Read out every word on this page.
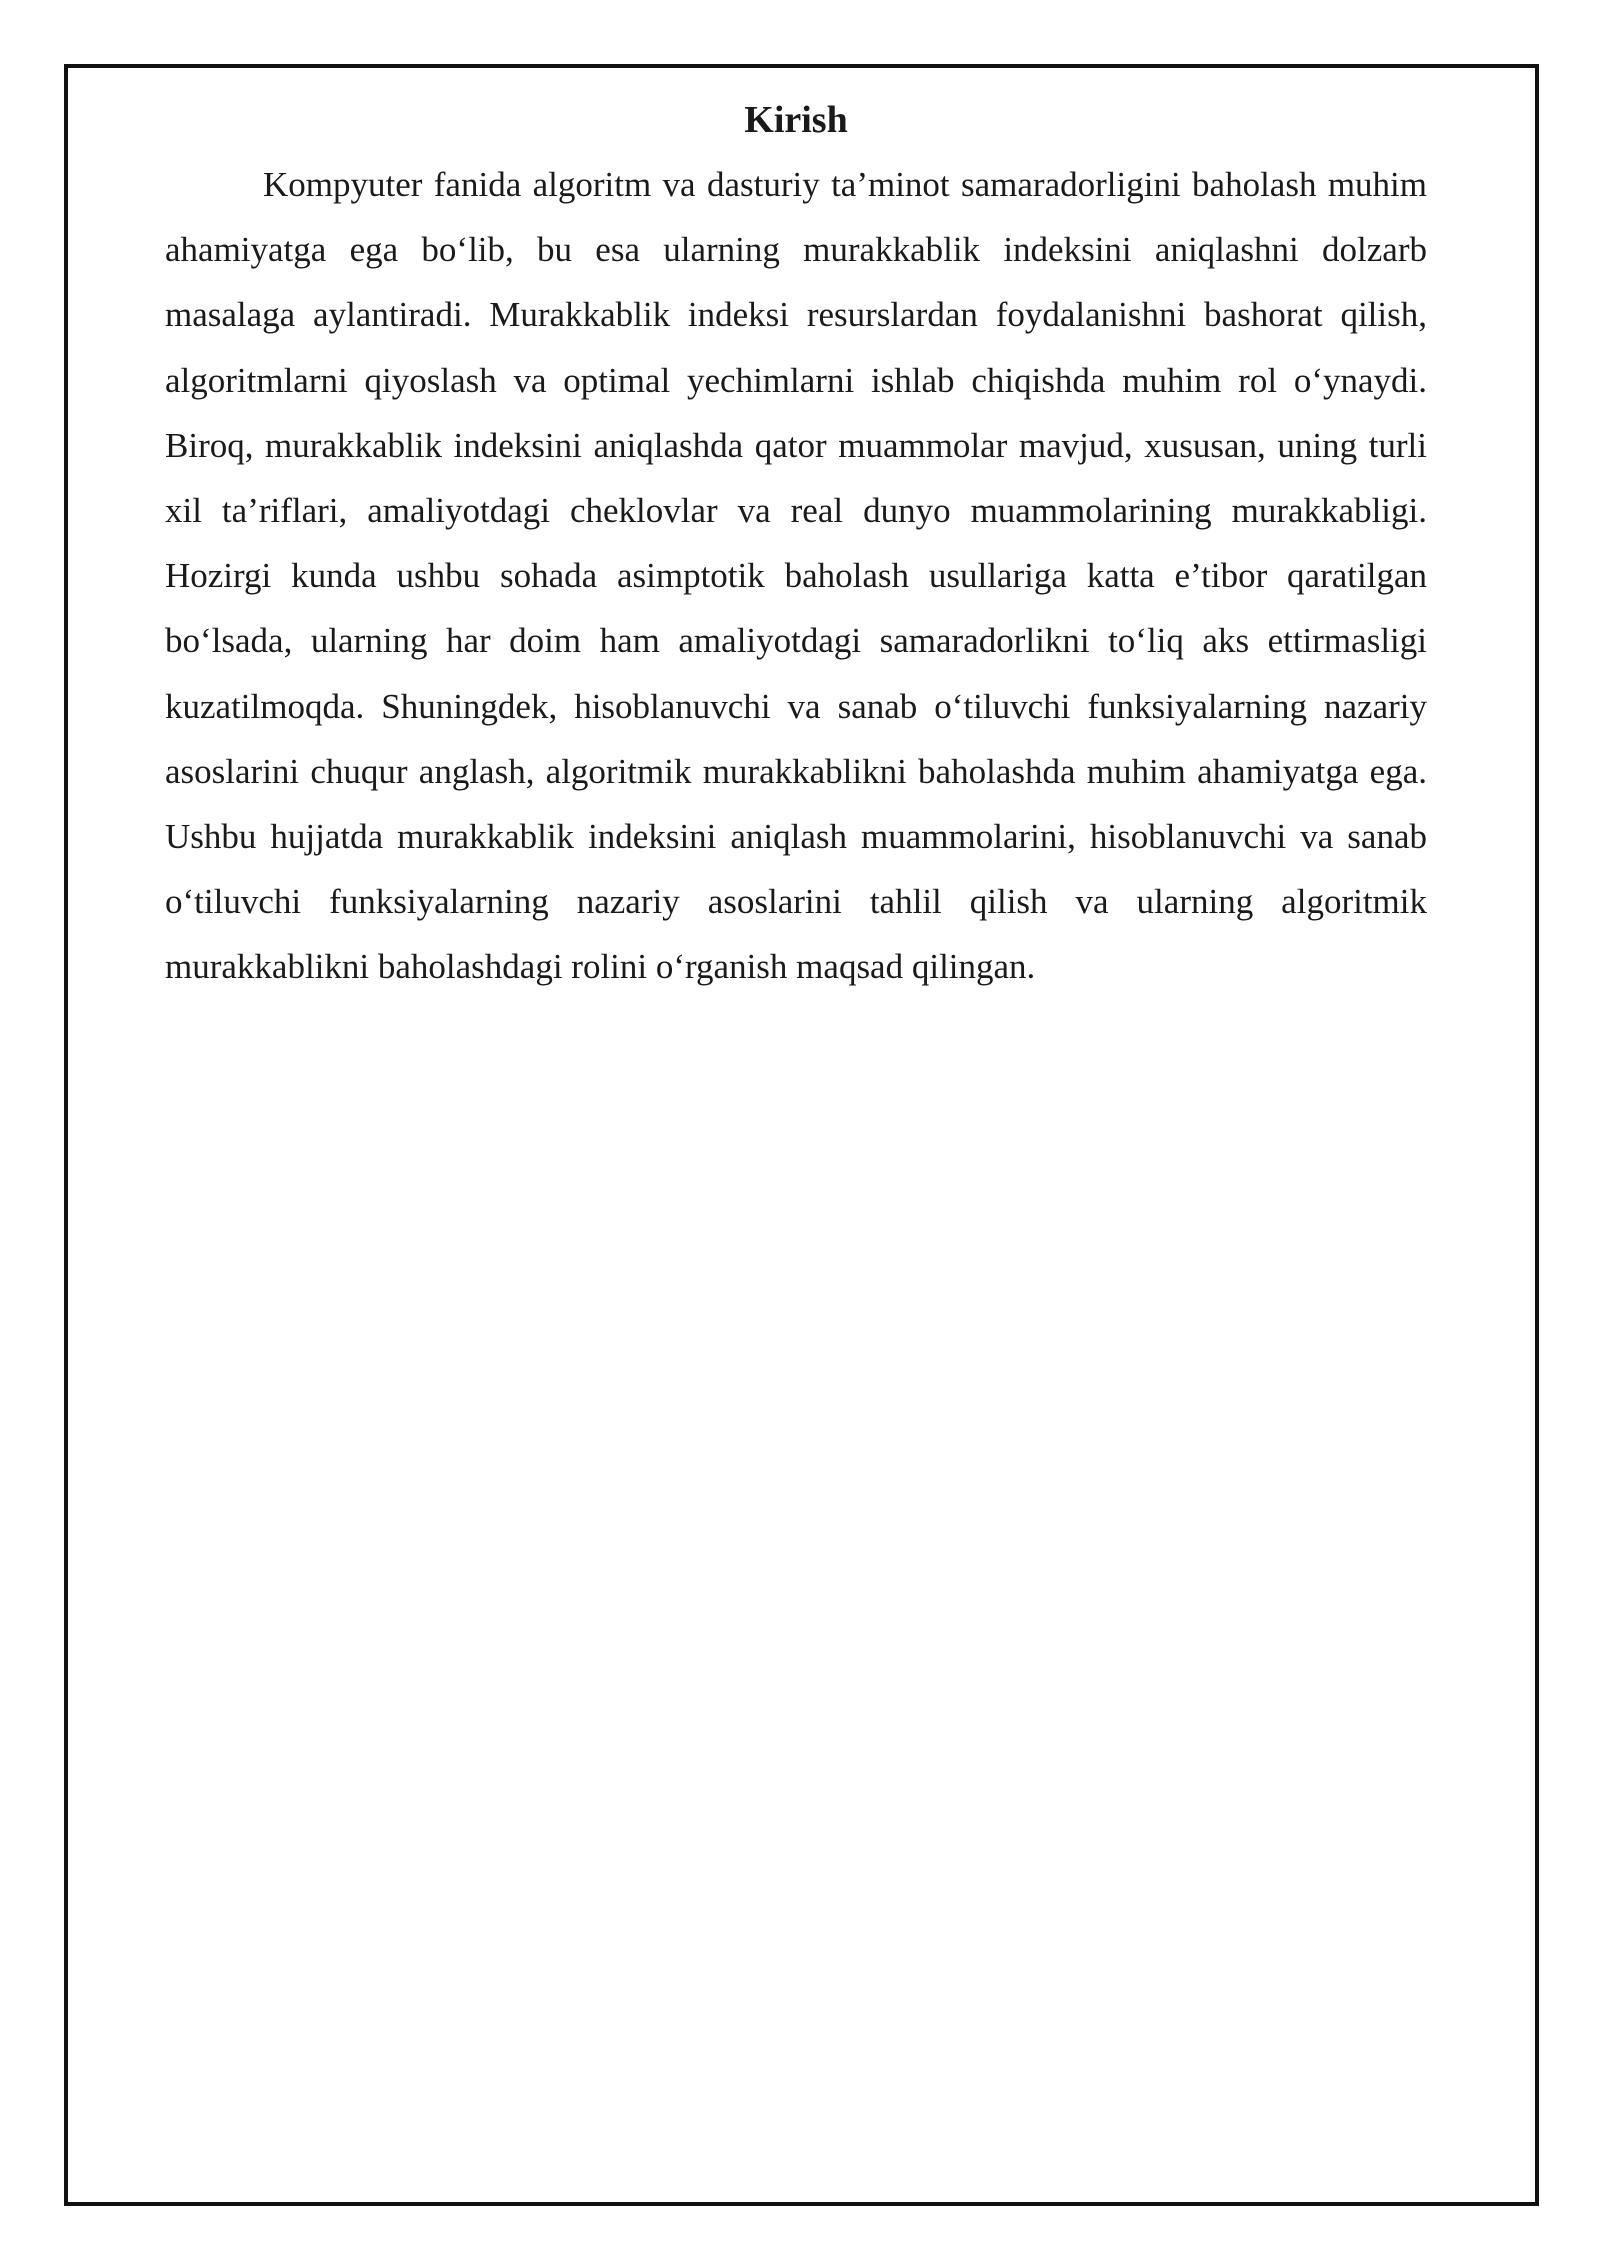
Kirish

Kompyuter fanida algoritm va dasturiy ta’minot samaradorligini baholash muhim ahamiyatga ega bo‘lib, bu esa ularning murakkablik indeksini aniqlashni dolzarb masalaga aylantiradi. Murakkablik indeksi resurslardan foydalanishni bashorat qilish, algoritmlarni qiyoslash va optimal yechimlarni ishlab chiqishda muhim rol o‘ynaydi. Biroq, murakkablik indeksini aniqlashda qator muammolar mavjud, xususan, uning turli xil ta’riflari, amaliyotdagi cheklovlar va real dunyo muammolarining murakkabligi. Hozirgi kunda ushbu sohada asimptotik baholash usullariga katta e’tibor qaratilgan bo‘lsada, ularning har doim ham amaliyotdagi samaradorlikni to‘liq aks ettirmasligi kuzatilmoqda. Shuningdek, hisoblanuvchi va sanab o‘tiluvchi funksiyalarning nazariy asoslarini chuqur anglash, algoritmik murakkablikni baholashda muhim ahamiyatga ega. Ushbu hujjatda murakkablik indeksini aniqlash muammolarini, hisoblanuvchi va sanab o‘tiluvchi funksiyalarning nazariy asoslarini tahlil qilish va ularning algoritmik murakkablikni baholashdagi rolini o‘rganish maqsad qilingan.
